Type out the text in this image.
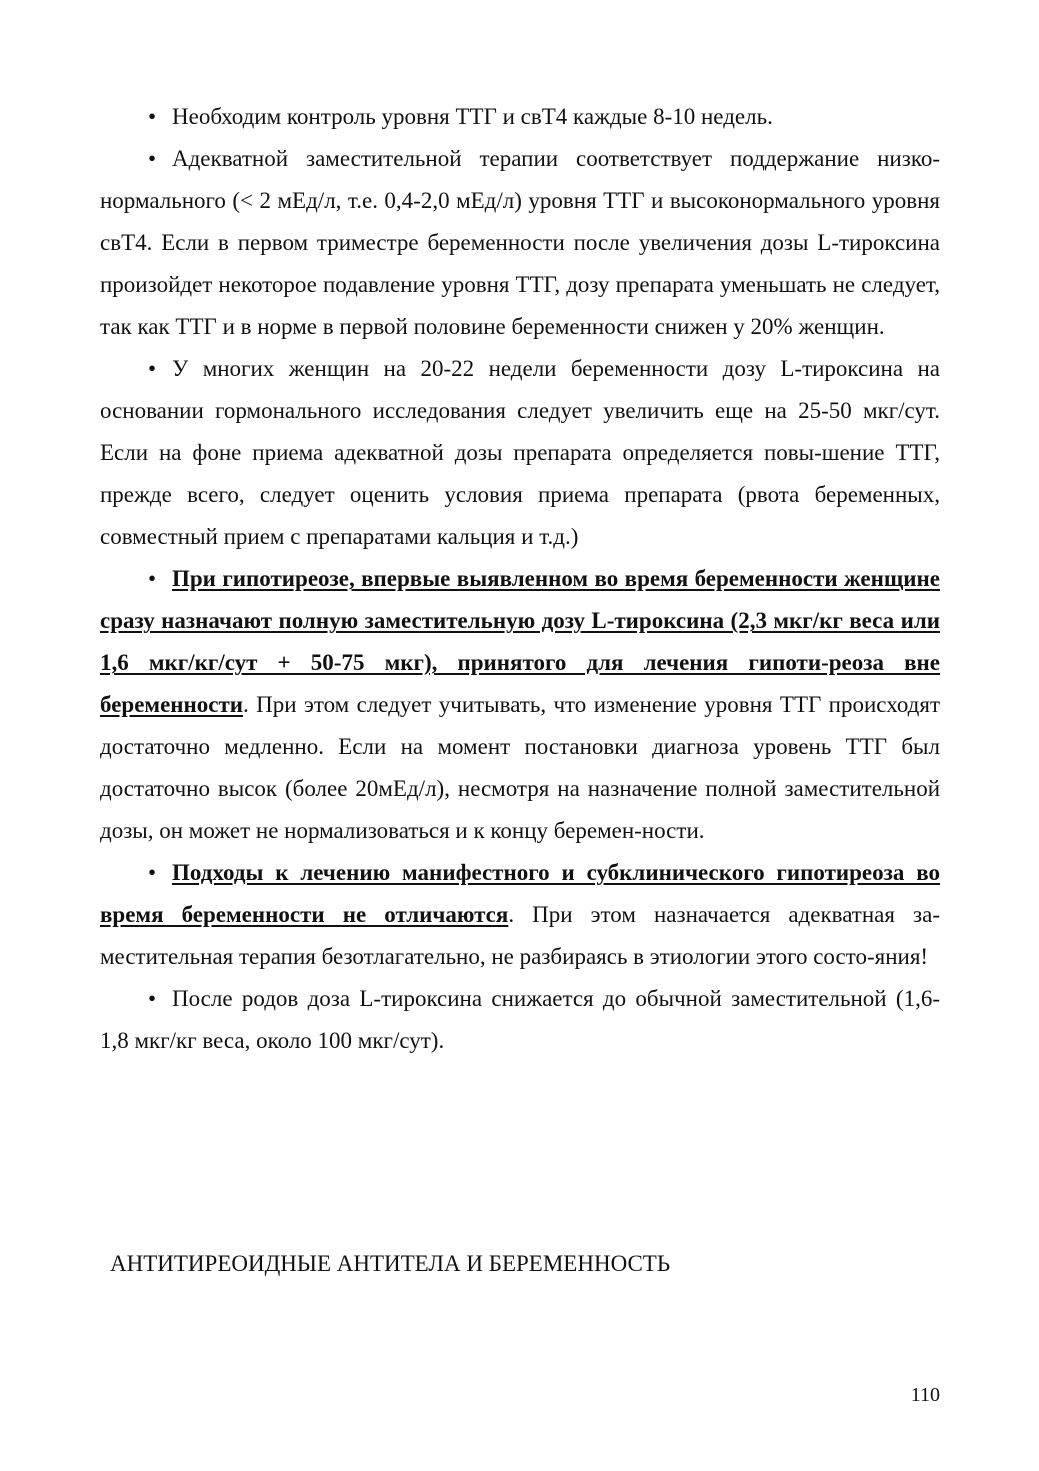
• Необходим контроль уровня ТТГ и свТ4 каждые 8-10 недель.

• Адекватной заместительной терапии соответствует поддержание низко-нормального (< 2 мЕд/л, т.е. 0,4-2,0 мЕд/л) уровня ТТГ и высоконормального уровня свТ4. Если в первом триместре беременности после увеличения дозы L-тироксина произойдет некоторое подавление уровня ТТГ, дозу препарата уменьшать не следует, так как ТТГ и в норме в первой половине беременности снижен у 20% женщин.

• У многих женщин на 20-22 недели беременности дозу L-тироксина на основании гормонального исследования следует увеличить еще на 25-50 мкг/сут. Если на фоне приема адекватной дозы препарата определяется повы-шение ТТГ, прежде всего, следует оценить условия приема препарата (рвота беременных, совместный прием с препаратами кальция и т.д.)

• При гипотиреозе, впервые выявленном во время беременности женщине сразу назначают полную заместительную дозу L-тироксина (2,3 мкг/кг веса или 1,6 мкг/кг/сут + 50-75 мкг), принятого для лечения гипоти-реоза вне беременности. При этом следует учитывать, что изменение уровня ТТГ происходят достаточно медленно. Если на момент постановки диагноза уровень ТТГ был достаточно высок (более 20мЕд/л), несмотря на назначение полной заместительной дозы, он может не нормализоваться и к концу беремен-ности.

• Подходы к лечению манифестного и субклинического гипотиреоза во время беременности не отличаются. При этом назначается адекватная за-местительная терапия безотлагательно, не разбираясь в этиологии этого состо-яния!

• После родов доза L-тироксина снижается до обычной заместительной (1,6-1,8 мкг/кг веса, около 100 мкг/сут).

АНТИТИРЕОИДНЫЕ АНТИТЕЛА И БЕРЕМЕННОСТЬ

110
